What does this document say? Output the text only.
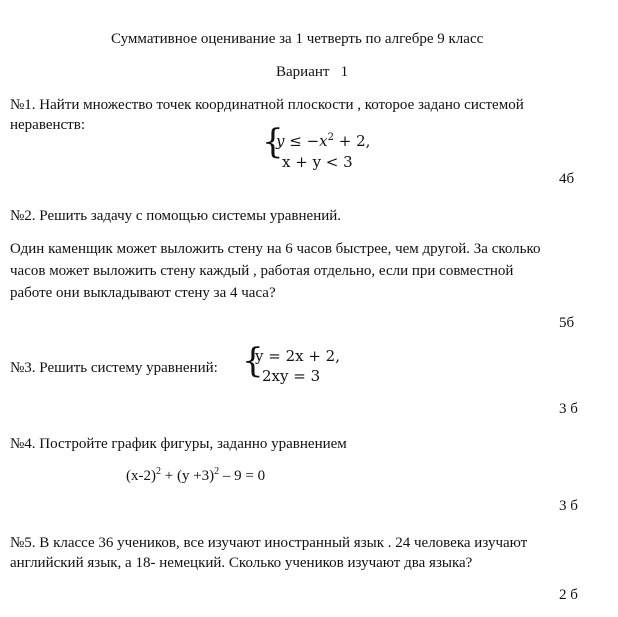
Суммативное оценивание за 1 четверть по алгебре 9 класс
Вариант   1
№1. Найти множество точек координатной плоскости , которое задано системой
неравенств:	{
$y \le -x^2 + 2$,
x + y < 3
4б
№2. Решить задачу с помощью системы уравнений.
Один каменщик может выложить стену на 6 часов быстрее, чем другой. За сколько
часов может выложить стену каждый , работая отдельно, если при совместной
работе они выкладывают стену за 4 часа?
5б
№3. Решить систему уравнений: {
y = 2x + 2,
2xy = 3
3 б
№4. Постройте график фигуры, заданно уравнением
$(x-2)^2 + (y +3)^2 - 9 = 0$
3 б
№5. В классе 36 учеников, все изучают иностранный язык . 24 человека изучают
английский язык, а 18- немецкий. Сколько учеников изучают два языка?
2 б
